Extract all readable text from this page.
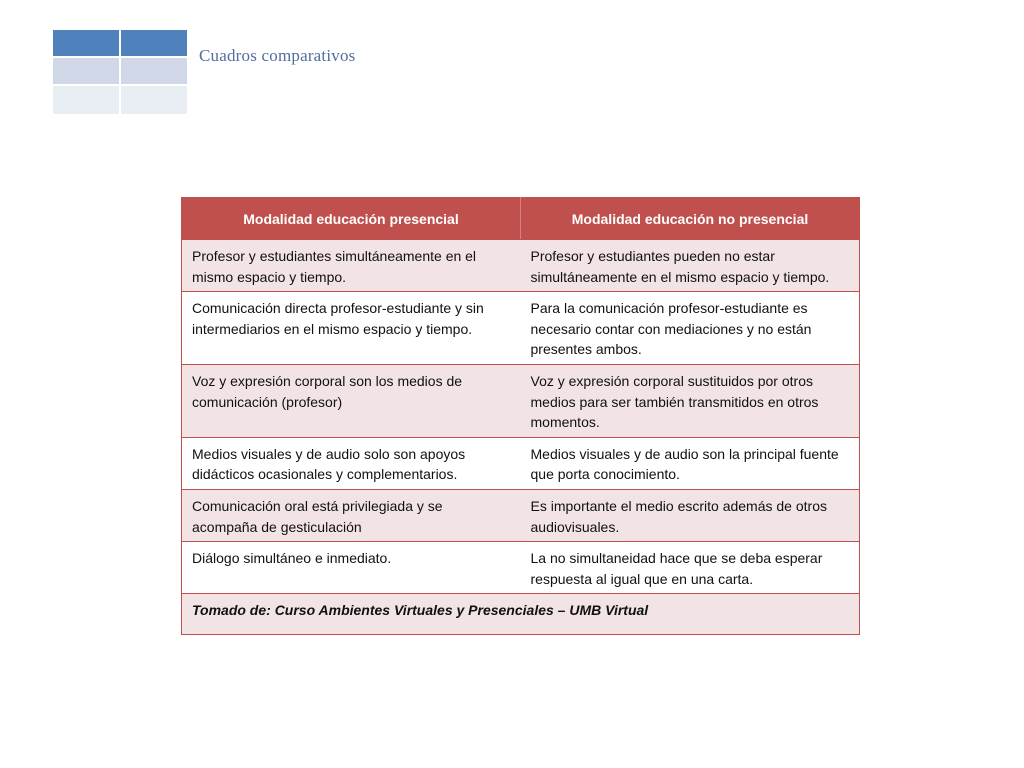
Cuadros comparativos
Modalidad educación presencial	Modalidad educación no presencial
Profesor y estudiantes simultáneamente en el mismo espacio y tiempo.	Profesor y estudiantes pueden no estar simultáneamente en el mismo espacio y tiempo.
Comunicación directa profesor-estudiante y sin intermediarios en el mismo espacio y tiempo.	Para la comunicación profesor-estudiante es necesario contar con mediaciones y no están presentes ambos.
Voz y expresión corporal son los medios de comunicación (profesor)	Voz y expresión corporal sustituidos por otros medios para ser también transmitidos en otros momentos.
Medios visuales y de audio solo son apoyos didácticos ocasionales y complementarios.	Medios visuales y de audio son la principal fuente que porta conocimiento.
Comunicación oral está privilegiada y se acompaña de gesticulación	Es importante el medio escrito además de otros audiovisuales.
Diálogo simultáneo e inmediato.	La no simultaneidad hace que se deba esperar respuesta al igual que en una carta.
Tomado de: Curso Ambientes Virtuales y Presenciales – UMB Virtual	
